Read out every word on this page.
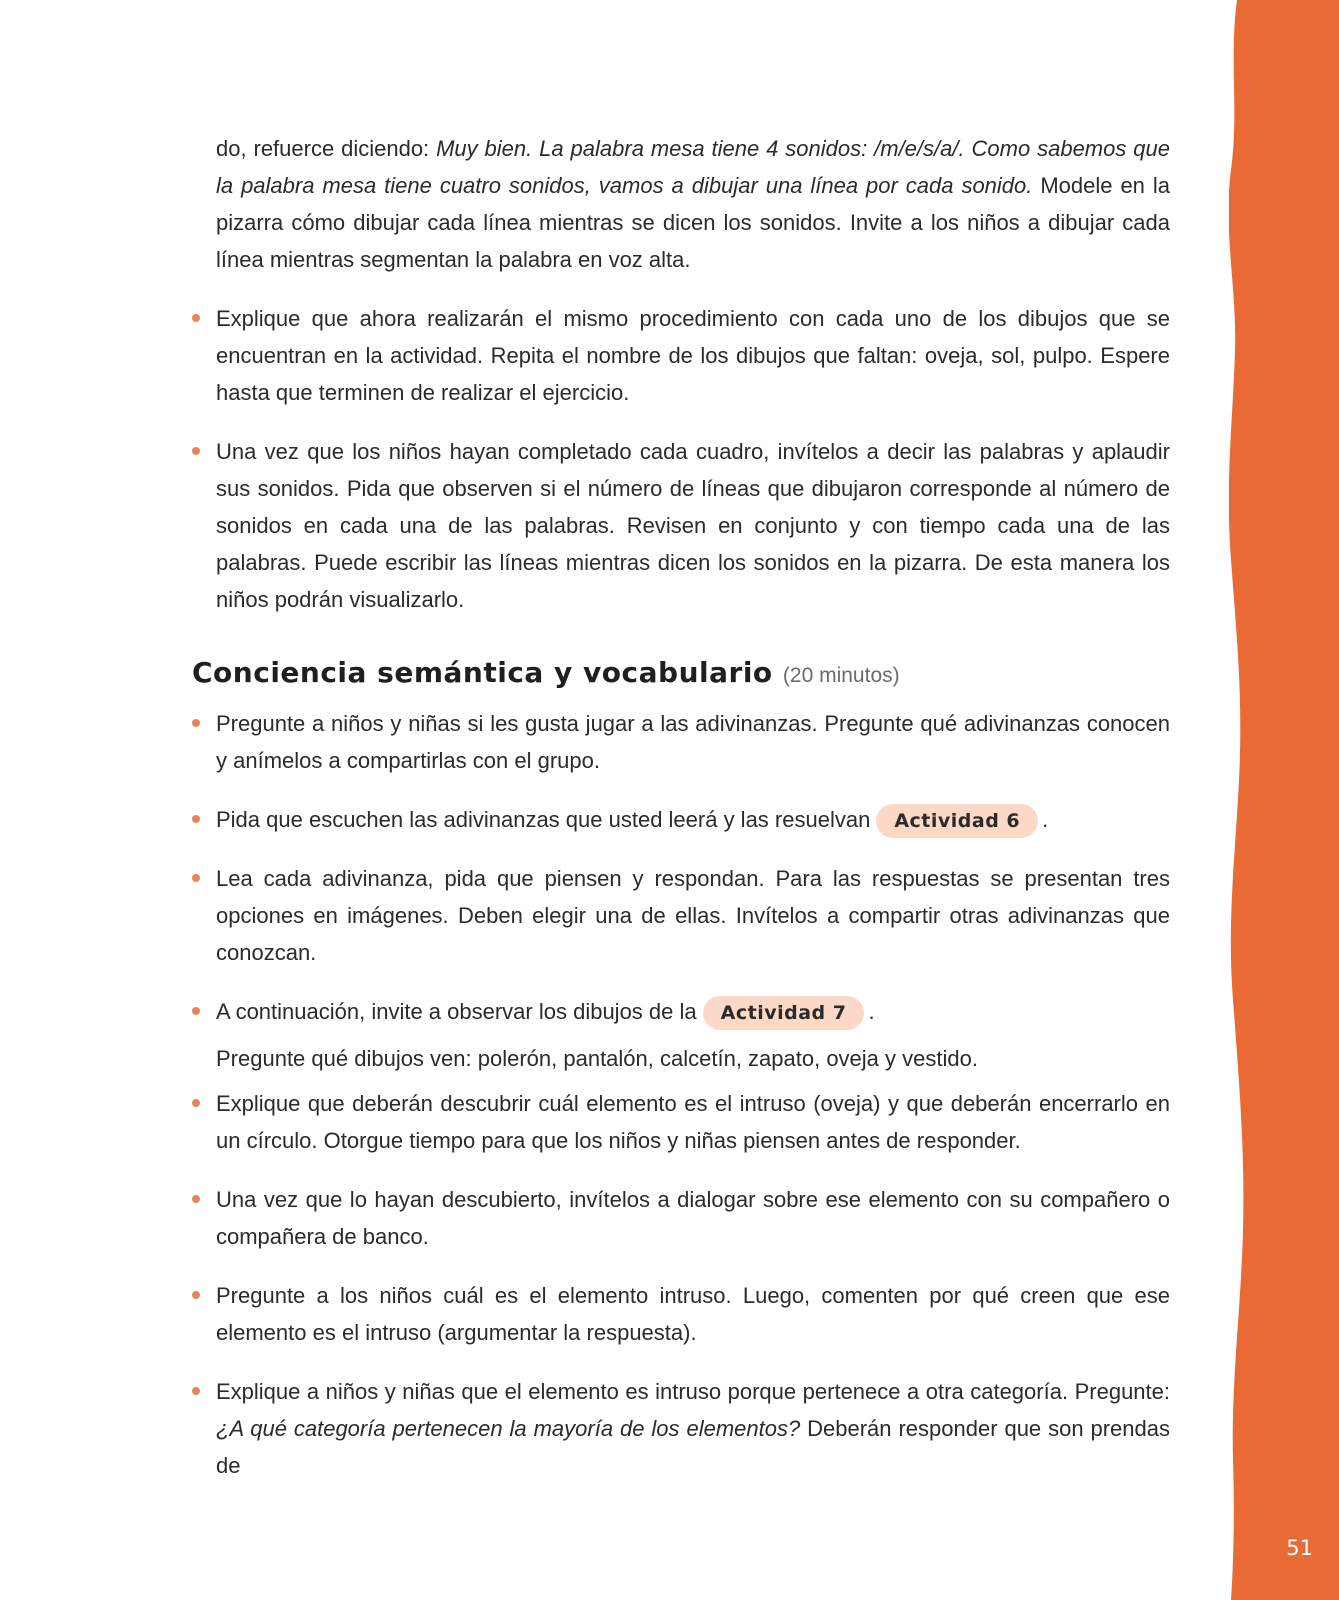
51

do, refuerce diciendo: Muy bien. La palabra mesa tiene 4 sonidos: /m/e/s/a/. Como sabemos que la palabra mesa tiene cuatro sonidos, vamos a dibujar una línea por cada sonido. Modele en la pizarra cómo dibujar cada línea mientras se dicen los sonidos. Invite a los niños a dibujar cada línea mientras segmentan la palabra en voz alta.

Explique que ahora realizarán el mismo procedimiento con cada uno de los dibujos que se encuentran en la actividad. Repita el nombre de los dibujos que faltan: oveja, sol, pulpo. Espere hasta que terminen de realizar el ejercicio.

Una vez que los niños hayan completado cada cuadro, invítelos a decir las palabras y aplaudir sus sonidos. Pida que observen si el número de líneas que dibujaron corresponde al número de sonidos en cada una de las palabras. Revisen en conjunto y con tiempo cada una de las palabras. Puede escribir las líneas mientras dicen los sonidos en la pizarra. De esta manera los niños podrán visualizarlo.

Conciencia semántica y vocabulario (20 minutos)

Pregunte a niños y niñas si les gusta jugar a las adivinanzas. Pregunte qué adivinanzas conocen y anímelos a compartirlas con el grupo.

Pida que escuchen las adivinanzas que usted leerá y las resuelvan Actividad 6 .

Lea cada adivinanza, pida que piensen y respondan. Para las respuestas se presentan tres opciones en imágenes. Deben elegir una de ellas. Invítelos a compartir otras adivinanzas que conozcan.

A continuación, invite a observar los dibujos de la Actividad 7 .

Pregunte qué dibujos ven: polerón, pantalón, calcetín, zapato, oveja y vestido.

Explique que deberán descubrir cuál elemento es el intruso (oveja) y que deberán encerrarlo en un círculo. Otorgue tiempo para que los niños y niñas piensen antes de responder.

Una vez que lo hayan descubierto, invítelos a dialogar sobre ese elemento con su compañero o compañera de banco.

Pregunte a los niños cuál es el elemento intruso. Luego, comenten por qué creen que ese elemento es el intruso (argumentar la respuesta).

Explique a niños y niñas que el elemento es intruso porque pertenece a otra categoría. Pregunte: ¿A qué categoría pertenecen la mayoría de los elementos? Deberán responder que son prendas de
